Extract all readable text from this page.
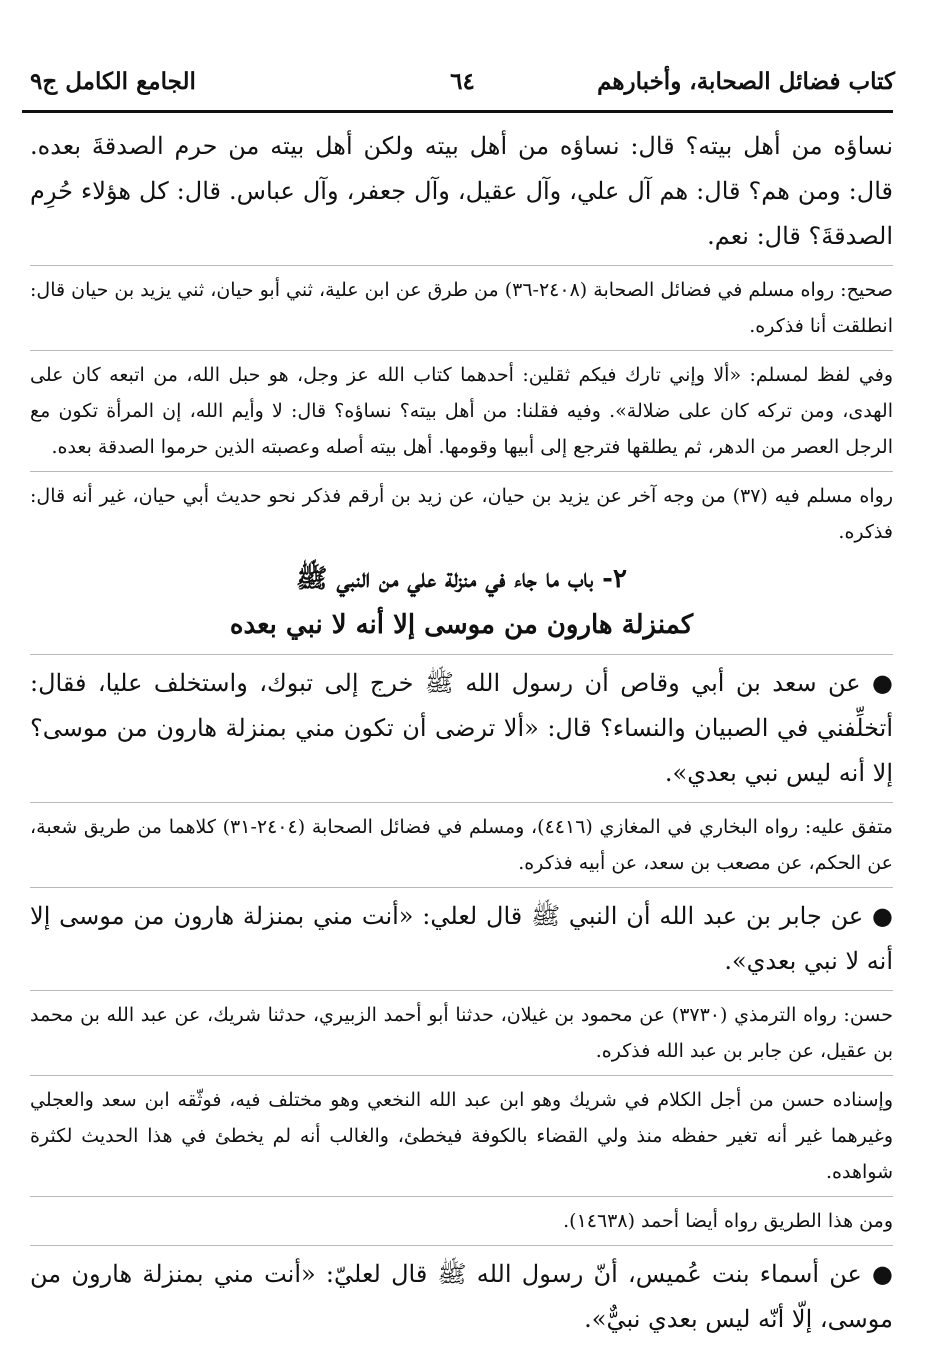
كتاب فضائل الصحابة، وأخبارهم
٦٤
الجامع الكامل ج٩

نساؤه من أهل بيته؟ قال: نساؤه من أهل بيته ولكن أهل بيته من حرم الصدقةَ بعده. قال: ومن هم؟ قال: هم آل علي، وآل عقيل، وآل جعفر، وآل عباس. قال: كل هؤلاء حُرِم الصدقةَ؟ قال: نعم.

صحيح: رواه مسلم في فضائل الصحابة (٢٤٠٨-٣٦) من طرق عن ابن علية، ثني أبو حيان، ثني يزيد بن حيان قال: انطلقت أنا فذكره.

وفي لفظ لمسلم: «ألا وإني تارك فيكم ثقلين: أحدهما كتاب الله عز وجل، هو حبل الله، من اتبعه كان على الهدى، ومن تركه كان على ضلالة». وفيه فقلنا: من أهل بيته؟ نساؤه؟ قال: لا وأيم الله، إن المرأة تكون مع الرجل العصر من الدهر، ثم يطلقها فترجع إلى أبيها وقومها. أهل بيته أصله وعصبته الذين حرموا الصدقة بعده.

رواه مسلم فيه (٣٧) من وجه آخر عن يزيد بن حيان، عن زيد بن أرقم فذكر نحو حديث أبي حيان، غير أنه قال: فذكره.

٢- باب ما جاء في منزلة علي من النبي ﷺ
كمنزلة هارون من موسى إلا أنه لا نبي بعده

● عن سعد بن أبي وقاص أن رسول الله ﷺ خرج إلى تبوك، واستخلف عليا، فقال: أتخلِّفني في الصبيان والنساء؟ قال: «ألا ترضى أن تكون مني بمنزلة هارون من موسى؟ إلا أنه ليس نبي بعدي».

متفق عليه: رواه البخاري في المغازي (٤٤١٦)، ومسلم في فضائل الصحابة (٢٤٠٤-٣١) كلاهما من طريق شعبة، عن الحكم، عن مصعب بن سعد، عن أبيه فذكره.

● عن جابر بن عبد الله أن النبي ﷺ قال لعلي: «أنت مني بمنزلة هارون من موسى إلا أنه لا نبي بعدي».

حسن: رواه الترمذي (٣٧٣٠) عن محمود بن غيلان، حدثنا أبو أحمد الزبيري، حدثنا شريك، عن عبد الله بن محمد بن عقيل، عن جابر بن عبد الله فذكره.

وإسناده حسن من أجل الكلام في شريك وهو ابن عبد الله النخعي وهو مختلف فيه، فوثّقه ابن سعد والعجلي وغيرهما غير أنه تغير حفظه منذ ولي القضاء بالكوفة فيخطئ، والغالب أنه لم يخطئ في هذا الحديث لكثرة شواهده.

ومن هذا الطريق رواه أيضا أحمد (١٤٦٣٨).

● عن أسماء بنت عُميس، أنّ رسول الله ﷺ قال لعليّ: «أنت مني بمنزلة هارون من موسى، إلّا أنّه ليس بعدي نبيٌّ».
